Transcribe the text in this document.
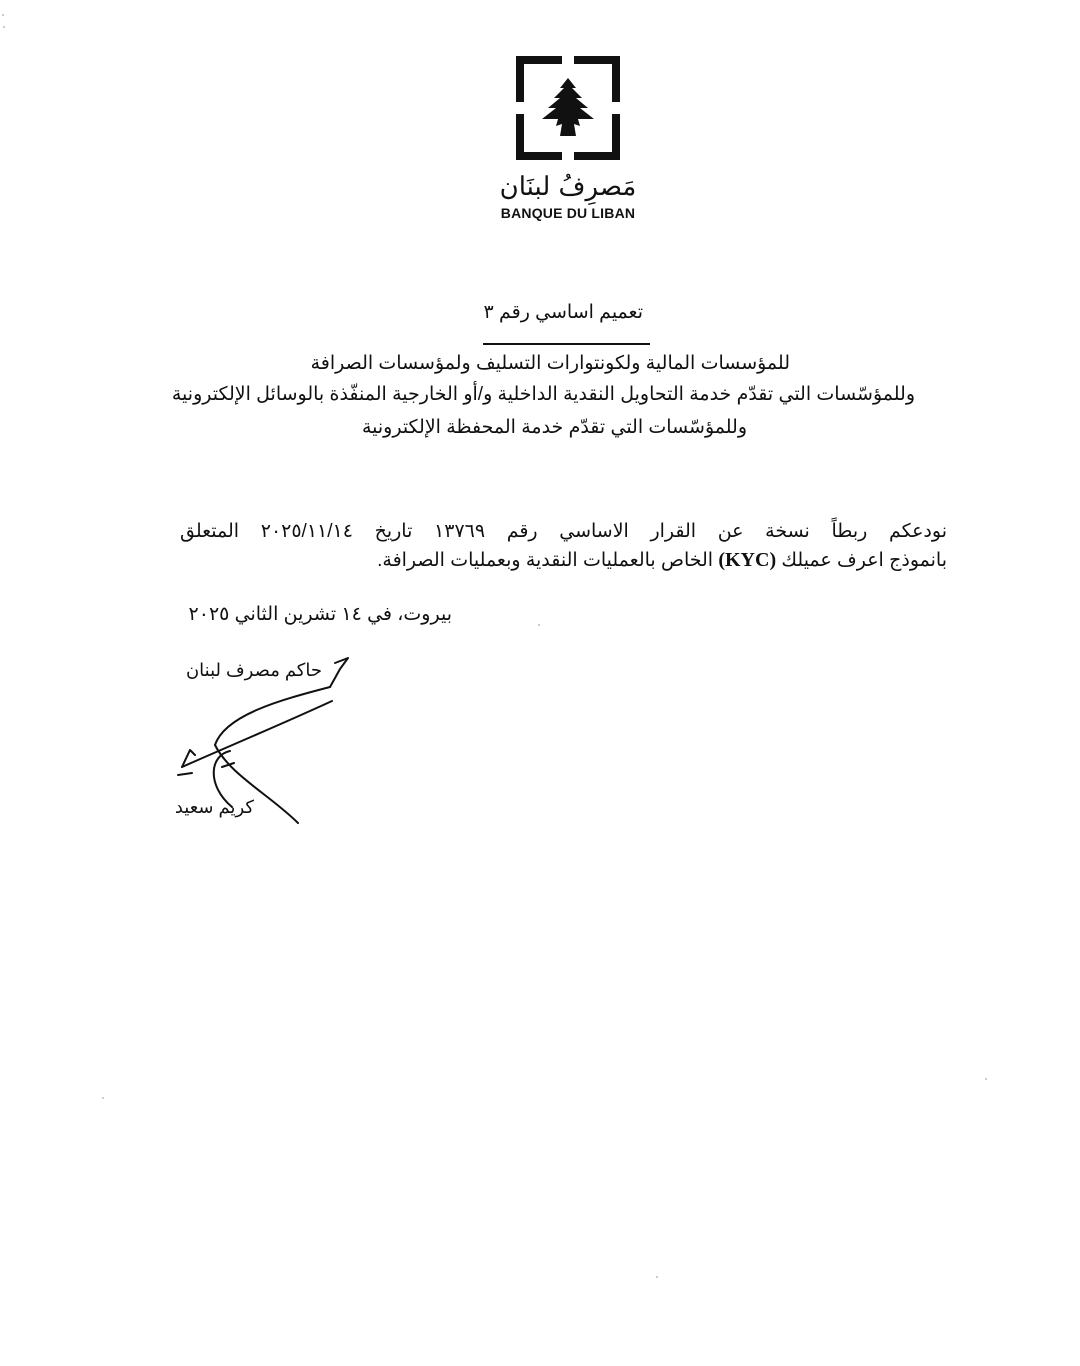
مَصرِفُ لبنَان
BANQUE DU LIBAN
تعميم اساسي رقم ٣
للمؤسسات المالية ولكونتوارات التسليف ولمؤسسات الصرافة
وللمؤسّسات التي تقدّم خدمة التحاويل النقدية الداخلية و/أو الخارجية المنفّذة بالوسائل الإلكترونية
وللمؤسّسات التي تقدّم خدمة المحفظة الإلكترونية
نودعكم ربطاً نسخة عن القرار الاساسي رقم ١٣٧٦٩ تاريخ ٢٠٢٥/١١/١٤ المتعلق
بانموذج اعرف عميلك (KYC) الخاص بالعمليات النقدية وبعمليات الصرافة.
بيروت، في ١٤ تشرين الثاني ٢٠٢٥
حاكم مصرف لبنان
كريم سعيد
